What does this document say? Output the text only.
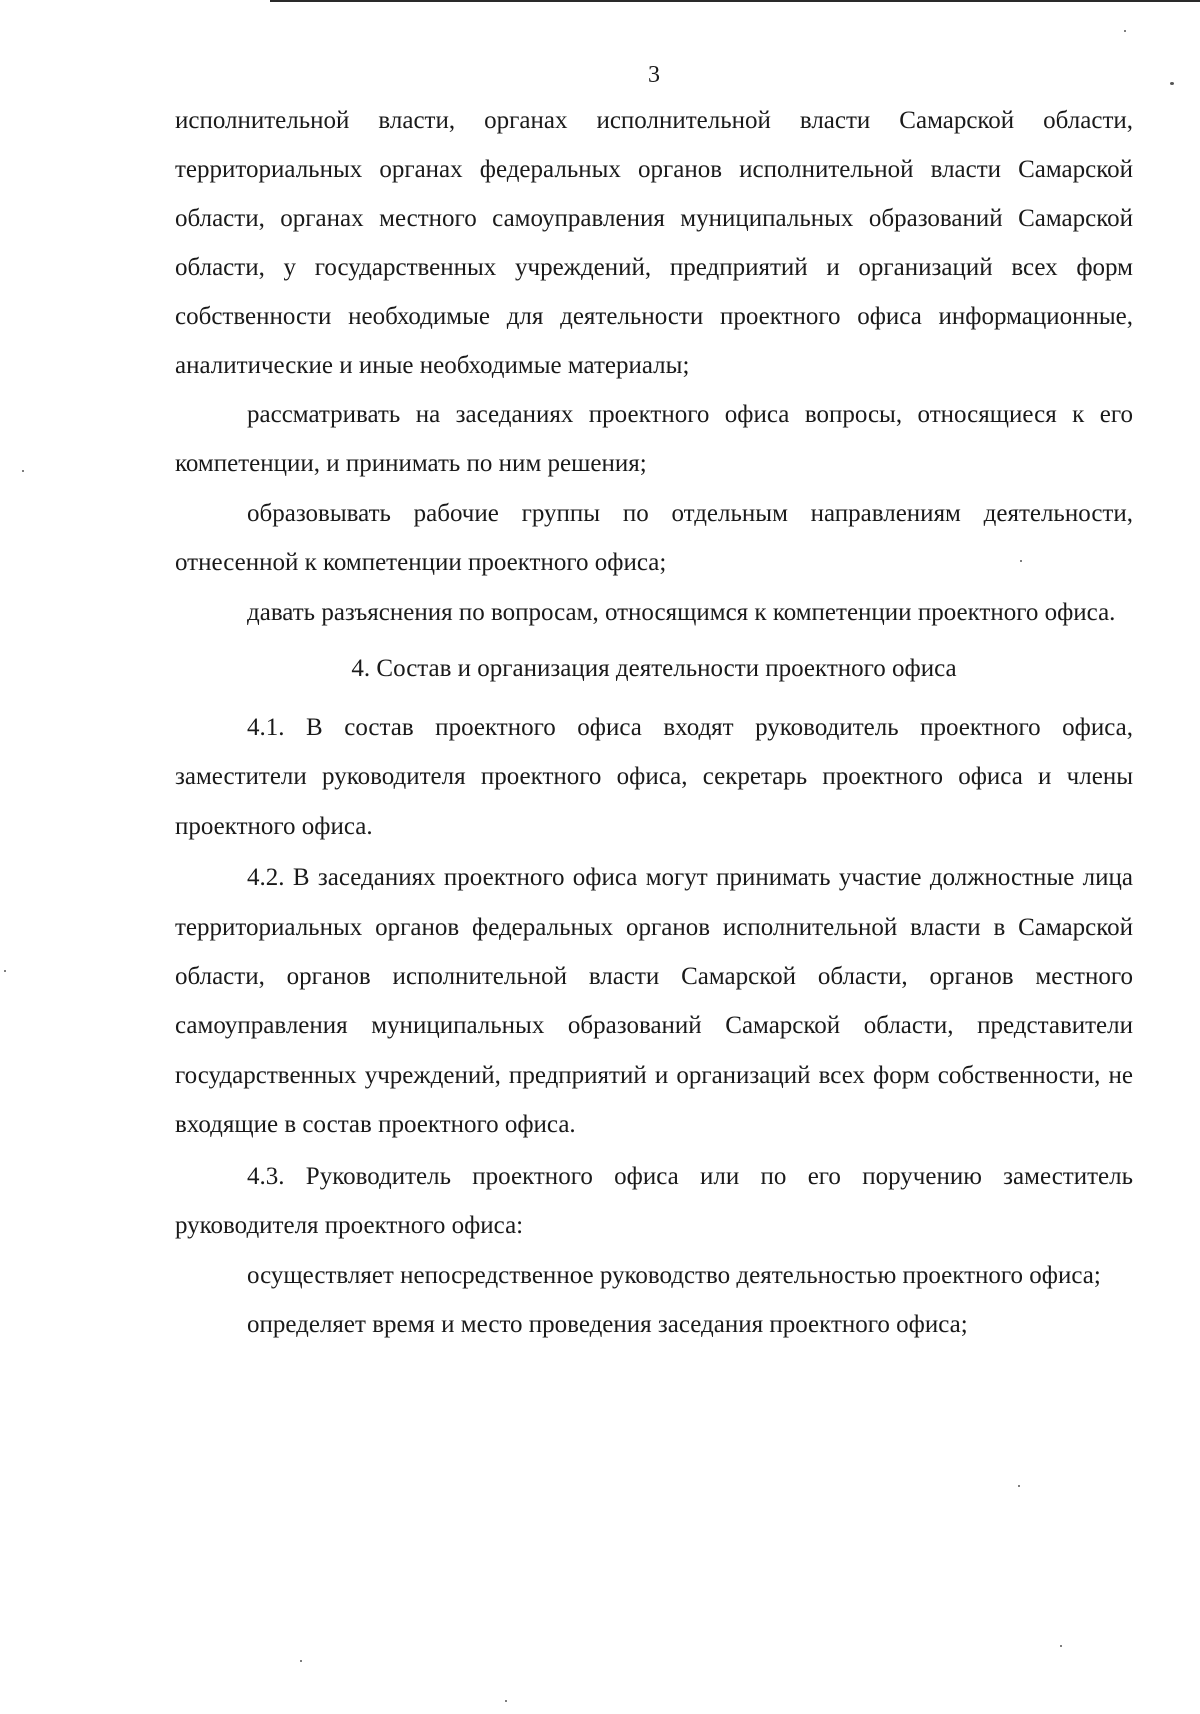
3

исполнительной власти, органах исполнительной власти Самарской области, территориальных органах федеральных органов исполнительной власти Самарской области, органах местного самоуправления муниципальных образований Самарской области, у государственных учреждений, предприятий и организаций всех форм собственности необходимые для деятельности проектного офиса информационные, аналитические и иные необходимые материалы;

рассматривать на заседаниях проектного офиса вопросы, относящиеся к его компетенции, и принимать по ним решения;

образовывать рабочие группы по отдельным направлениям деятельности, отнесенной к компетенции проектного офиса;

давать разъяснения по вопросам, относящимся к компетенции проектного офиса.

4. Состав и организация деятельности проектного офиса

4.1. В состав проектного офиса входят руководитель проектного офиса, заместители руководителя проектного офиса, секретарь проектного офиса и члены проектного офиса.

4.2. В заседаниях проектного офиса могут принимать участие должностные лица территориальных органов федеральных органов исполнительной власти в Самарской области, органов исполнительной власти Самарской области, органов местного самоуправления муниципальных образований Самарской области, представители государственных учреждений, предприятий и организаций всех форм собственности, не входящие в состав проектного офиса.

4.3. Руководитель проектного офиса или по его поручению заместитель руководителя проектного офиса:

осуществляет непосредственное руководство деятельностью проектного офиса;

определяет время и место проведения заседания проектного офиса;
